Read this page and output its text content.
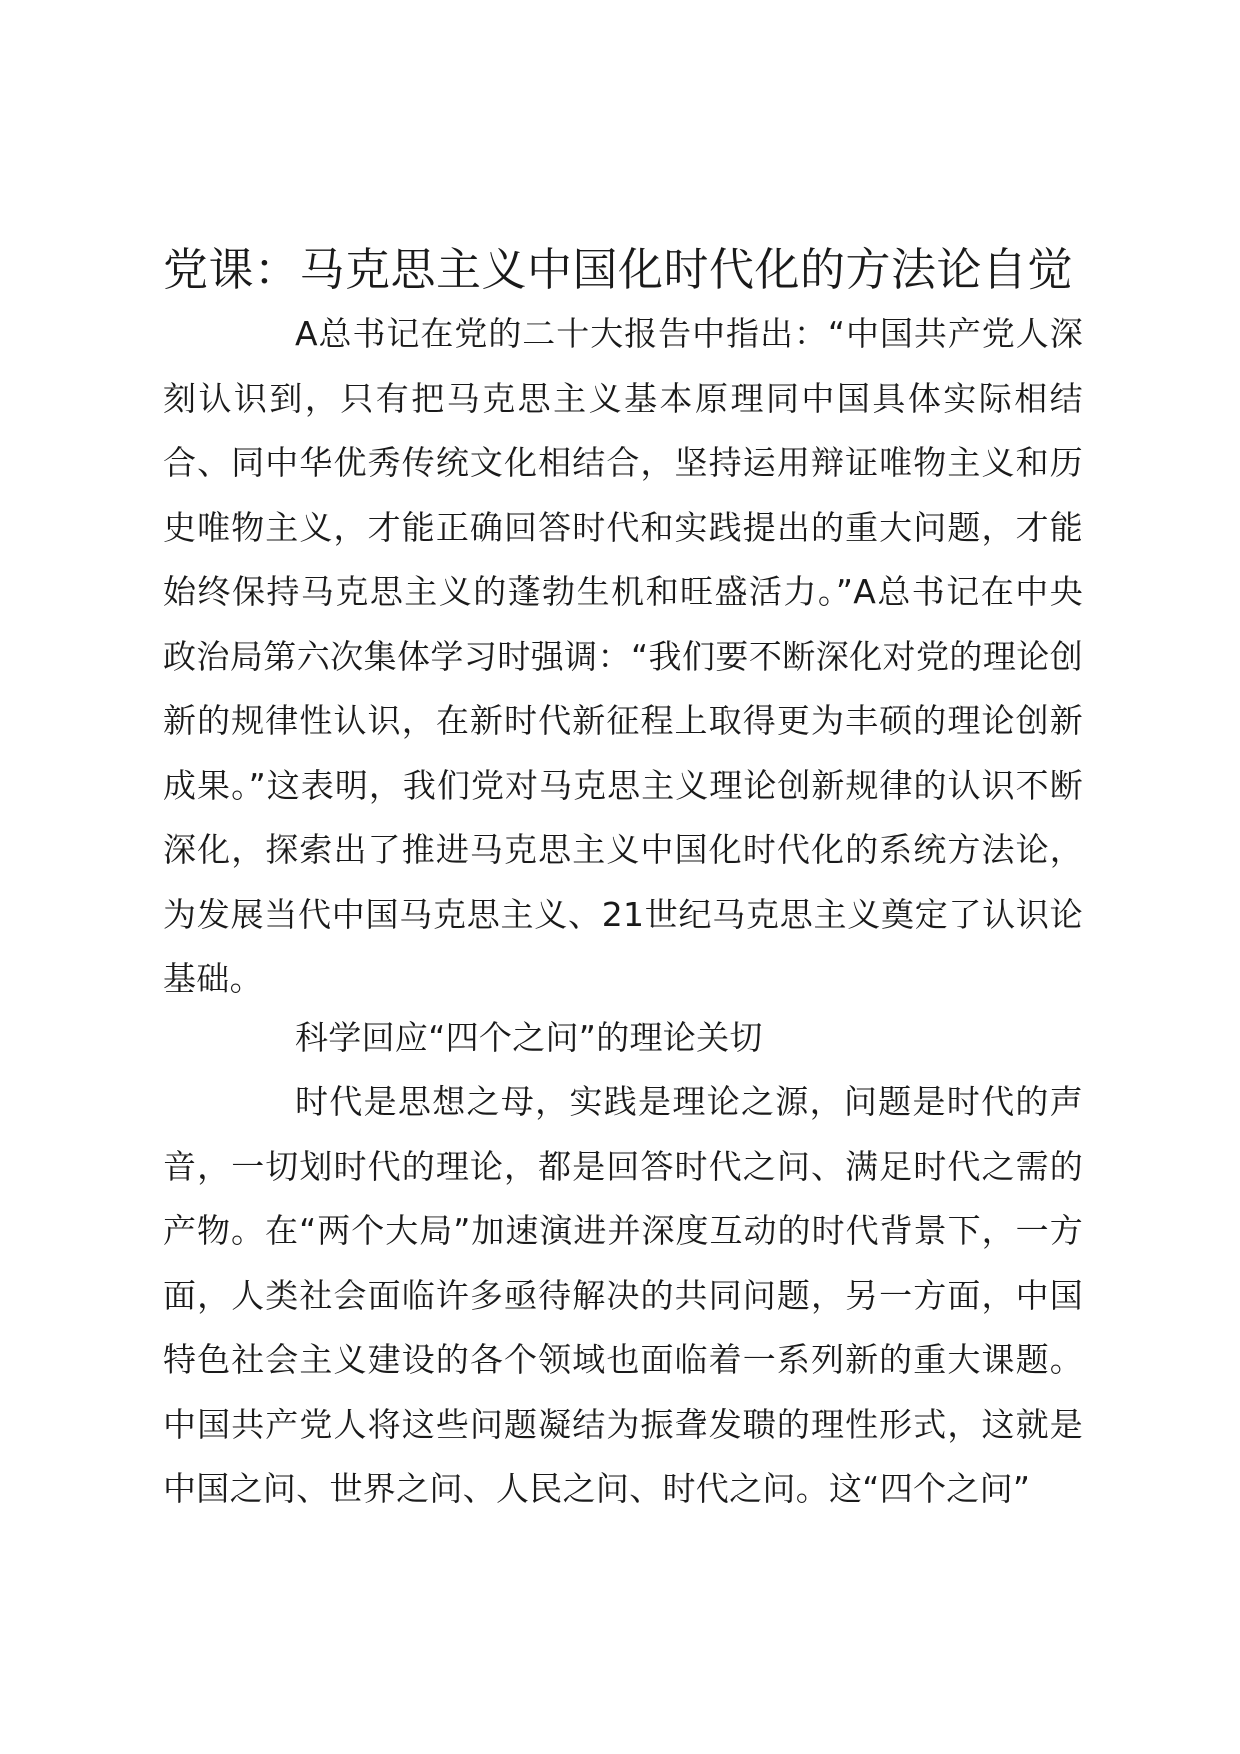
党课：马克思主义中国化时代化的方法论自觉

A总书记在党的二十大报告中指出：“中国共产党人深刻认识到，只有把马克思主义基本原理同中国具体实际相结合、同中华优秀传统文化相结合，坚持运用辩证唯物主义和历史唯物主义，才能正确回答时代和实践提出的重大问题，才能始终保持马克思主义的蓬勃生机和旺盛活力。”A总书记在中央政治局第六次集体学习时强调：“我们要不断深化对党的理论创新的规律性认识，在新时代新征程上取得更为丰硕的理论创新成果。”这表明，我们党对马克思主义理论创新规律的认识不断深化，探索出了推进马克思主义中国化时代化的系统方法论，为发展当代中国马克思主义、21世纪马克思主义奠定了认识论基础。

科学回应“四个之问”的理论关切

时代是思想之母，实践是理论之源，问题是时代的声音，一切划时代的理论，都是回答时代之问、满足时代之需的产物。在“两个大局”加速演进并深度互动的时代背景下，一方面，人类社会面临许多亟待解决的共同问题，另一方面，中国特色社会主义建设的各个领域也面临着一系列新的重大课题。中国共产党人将这些问题凝结为振聋发聩的理性形式，这就是中国之问、世界之问、人民之问、时代之问。这“四个之问”
